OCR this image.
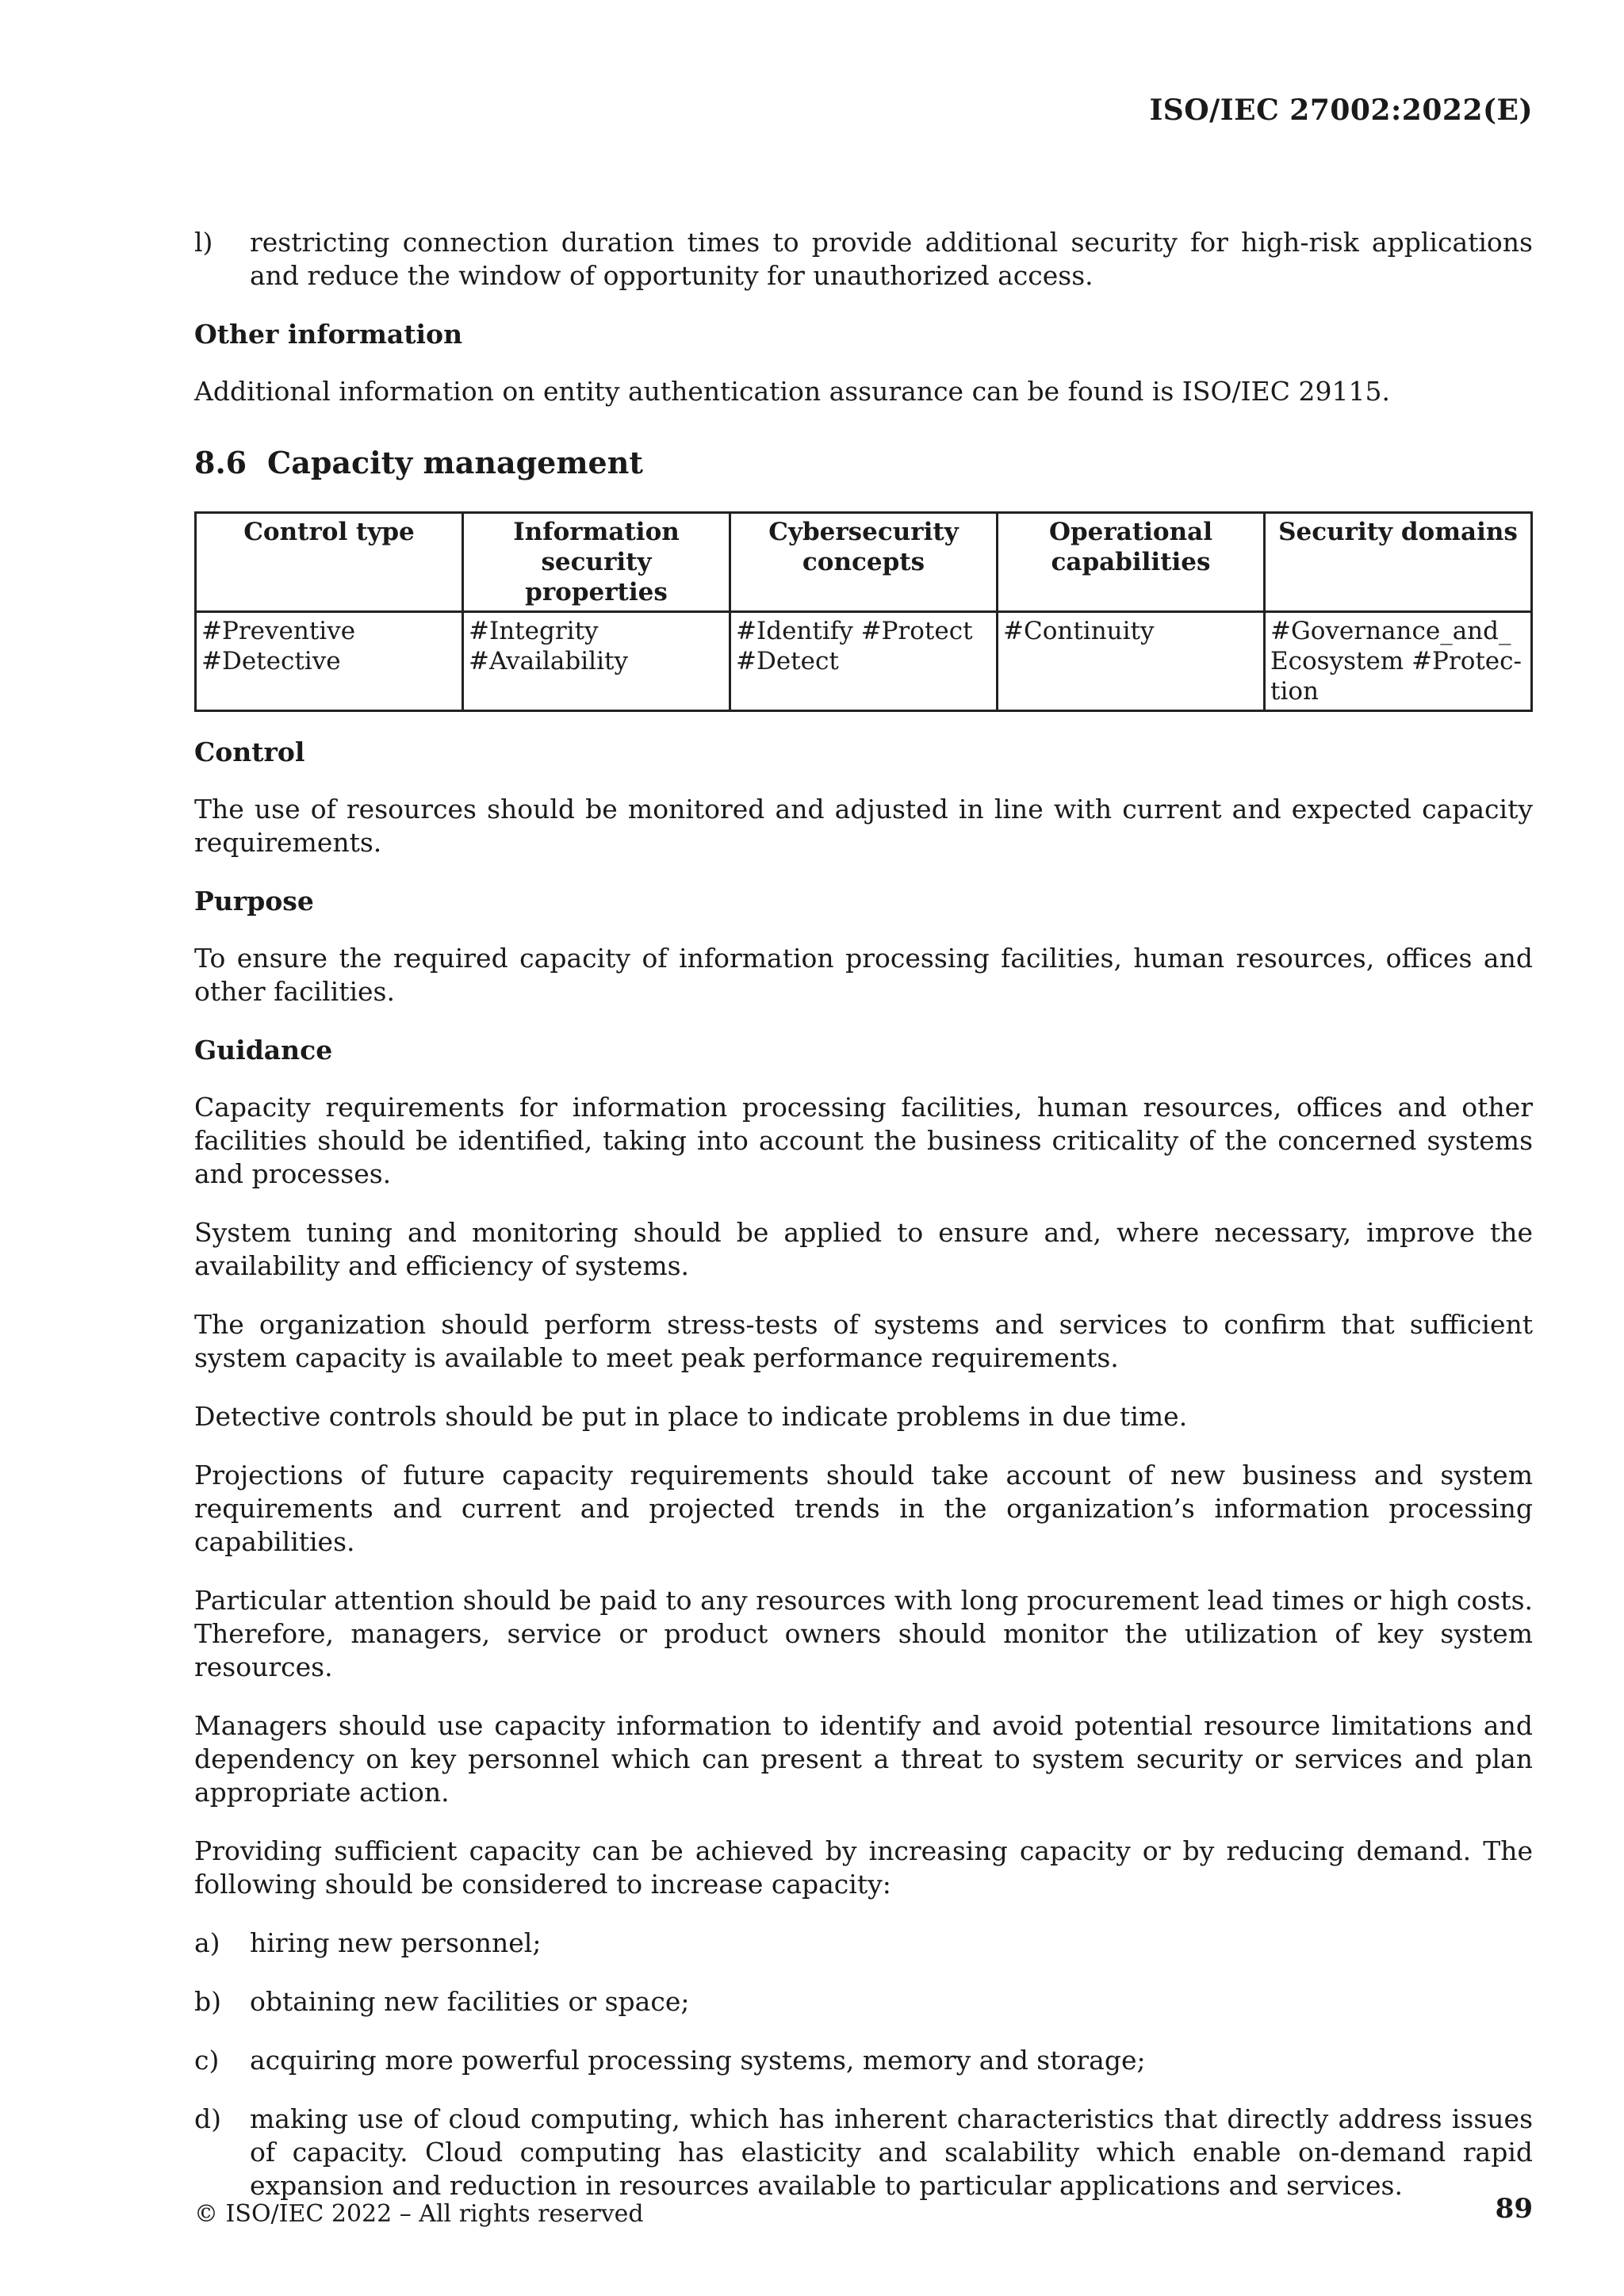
ISO/IEC 27002:2022(E)
l)	restricting connection duration times to provide additional security for high-risk applications and reduce the window of opportunity for unauthorized access.
Other information

Additional information on entity authentication assurance can be found is ISO/IEC 29115.

8.6 Capacity management
Control type	Information security properties	Cybersecurity concepts	Operational capabilities	Security domains
#Preventive #Detective	#Integrity #Availability	#Identify #Protect #Detect	#Continuity	#Governance_and_ Ecosystem #Protec- tion
Control

The use of resources should be monitored and adjusted in line with current and expected capacity requirements.

Purpose

To ensure the required capacity of information processing facilities, human resources, offices and other facilities.

Guidance

Capacity requirements for information processing facilities, human resources, offices and other facilities should be identified, taking into account the business criticality of the concerned systems and processes.

System tuning and monitoring should be applied to ensure and, where necessary, improve the availability and efficiency of systems.

The organization should perform stress-tests of systems and services to confirm that sufficient system capacity is available to meet peak performance requirements.

Detective controls should be put in place to indicate problems in due time.

Projections of future capacity requirements should take account of new business and system requirements and current and projected trends in the organization’s information processing capabilities.

Particular attention should be paid to any resources with long procurement lead times or high costs. Therefore, managers, service or product owners should monitor the utilization of key system resources.

Managers should use capacity information to identify and avoid potential resource limitations and dependency on key personnel which can present a threat to system security or services and plan appropriate action.

Providing sufficient capacity can be achieved by increasing capacity or by reducing demand. The following should be considered to increase capacity:

a)	hiring new personnel;
b)	obtaining new facilities or space;
c)	acquiring more powerful processing systems, memory and storage;
d)	making use of cloud computing, which has inherent characteristics that directly address issues of capacity. Cloud computing has elasticity and scalability which enable on-demand rapid expansion and reduction in resources available to particular applications and services.
© ISO/IEC 2022 – All rights reserved	89
